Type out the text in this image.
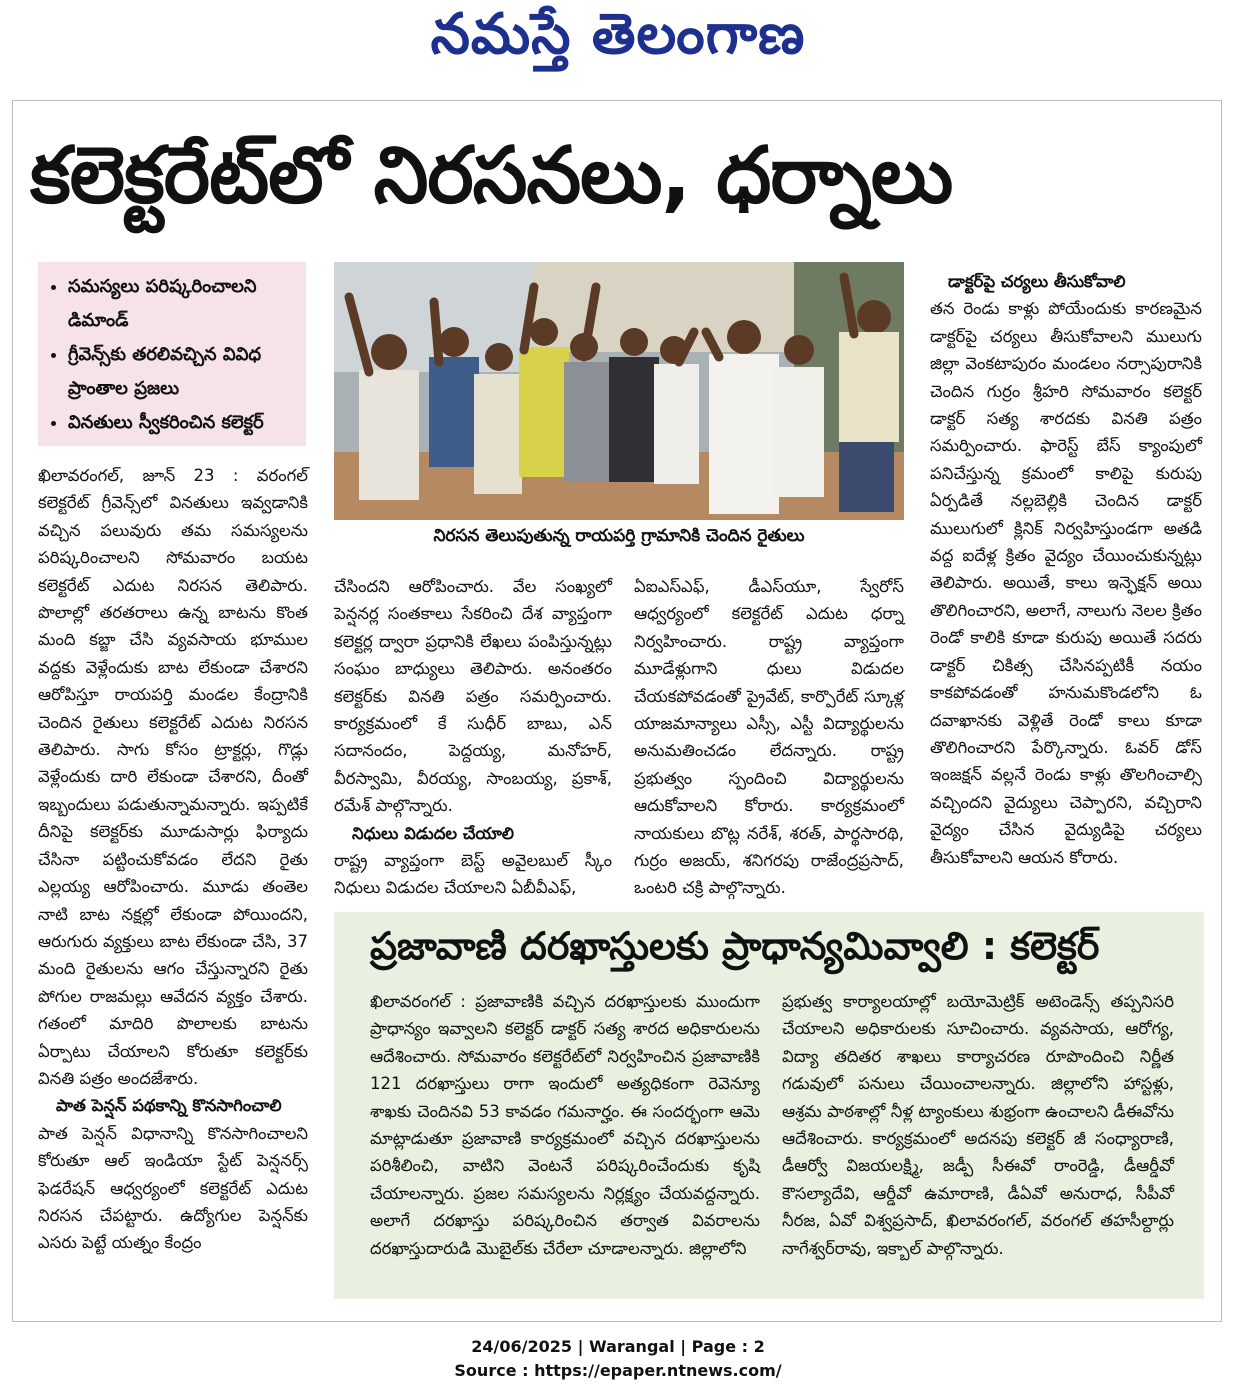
నమస్తే తెలంగాణ
కలెక్టరేట్‌లో నిరసనలు, ధర్నాలు
• సమస్యలు పరిష్కరించాలని డిమాండ్
• గ్రీవెన్స్‌కు తరలివచ్చిన వివిధ ప్రాంతాల ప్రజలు
• వినతులు స్వీకరించిన కలెక్టర్
నిరసన తెలుపుతున్న రాయపర్తి గ్రామానికి చెందిన రైతులు

ఖిలావరంగల్, జూన్ 23 : వరంగల్ కలెక్టరేట్ గ్రీవెన్స్‌లో వినతులు ఇవ్వడానికి వచ్చిన పలువురు తమ సమస్యలను పరిష్కరించాలని సోమవారం బయట కలెక్టరేట్ ఎదుట నిరసన తెలిపారు. పొలాల్లో తరతరాలు ఉన్న బాటను కొంత మంది కబ్జా చేసి వ్యవసాయ భూముల వద్దకు వెళ్లేందుకు బాట లేకుండా చేశారని ఆరోపిస్తూ రాయపర్తి మండల కేంద్రానికి చెందిన రైతులు కలెక్టరేట్ ఎదుట నిరసన తెలిపారు. సాగు కోసం ట్రాక్టర్లు, గొడ్లు వెళ్లేందుకు దారి లేకుండా చేశారని, దీంతో ఇబ్బందులు పడుతున్నామన్నారు. ఇప్పటికే దీనిపై కలెక్టర్‌కు మూడుసార్లు ఫిర్యాదు చేసినా పట్టించుకోవడం లేదని రైతు ఎల్లయ్య ఆరోపించారు. మూడు తంతెల నాటి బాట నక్షల్లో లేకుండా పోయిందని, ఆరుగురు వ్యక్తులు బాట లేకుండా చేసి, 37 మంది రైతులను ఆగం చేస్తున్నారని రైతు పోగుల రాజమల్లు ఆవేదన వ్యక్తం చేశారు. గతంలో మాదిరి పొలాలకు బాటను ఏర్పాటు చేయాలని కోరుతూ కలెక్టర్‌కు వినతి పత్రం అందజేశారు.

పాత పెన్షన్ పథకాన్ని కొనసాగించాలి

పాత పెన్షన్ విధానాన్ని కొనసాగించాలని కోరుతూ ఆల్ ఇండియా స్టేట్ పెన్షనర్స్ ఫెడరేషన్ ఆధ్వర్యంలో కలెక్టరేట్ ఎదుట నిరసన చేపట్టారు. ఉద్యోగుల పెన్షన్‌కు ఎసరు పెట్టే యత్నం కేంద్రం

చేసిందని ఆరోపించారు. వేల సంఖ్యలో పెన్షనర్ల సంతకాలు సేకరించి దేశ వ్యాప్తంగా కలెక్టర్ల ద్వారా ప్రధానికి లేఖలు పంపిస్తున్నట్లు సంఘం బాధ్యులు తెలిపారు. అనంతరం కలెక్టర్‌కు వినతి పత్రం సమర్పించారు. కార్యక్రమంలో కే సుధీర్ బాబు, ఎన్ సదానందం, పెద్దయ్య, మనోహర్, వీరస్వామి, వీరయ్య, సాంబయ్య, ప్రకాశ్, రమేశ్ పాల్గొన్నారు.

నిధులు విడుదల చేయాలి

రాష్ట్ర వ్యాప్తంగా బెస్ట్ అవైలబుల్ స్కీం నిధులు విడుదల చేయాలని ఏబీవీఎఫ్,

ఏఐఎస్ఎఫ్, డీఎస్‌యూ, స్వేరోస్ ఆధ్వర్యంలో కలెక్టరేట్ ఎదుట ధర్నా నిర్వహించారు. రాష్ట్ర వ్యాప్తంగా మూడేళ్లుగాని ధులు విడుదల చేయకపోవడంతో ప్రైవేట్, కార్పొరేట్ స్కూళ్ల యాజమాన్యాలు ఎస్సీ, ఎస్టీ విద్యార్థులను అనుమతించడం లేదన్నారు. రాష్ట్ర ప్రభుత్వం స్పందించి విద్యార్థులను ఆదుకోవాలని కోరారు. కార్యక్రమంలో నాయకులు బొట్ల నరేశ్, శరత్, పార్థసారథి, గుర్రం అజయ్, శనిగరపు రాజేంద్రప్రసాద్, ఒంటరి చక్రి పాల్గొన్నారు.

డాక్టర్‌పై చర్యలు తీసుకోవాలి

తన రెండు కాళ్లు పోయేందుకు కారణమైన డాక్టర్‌పై చర్యలు తీసుకోవాలని ములుగు జిల్లా వెంకటాపురం మండలం నర్సాపురానికి చెందిన గుర్రం శ్రీహరి సోమవారం కలెక్టర్ డాక్టర్ సత్య శారదకు వినతి పత్రం సమర్పించారు. ఫారెస్ట్ బేస్ క్యాంపులో పనిచేస్తున్న క్రమంలో కాలిపై కురుపు ఏర్పడితే నల్లబెల్లికి చెందిన డాక్టర్ ములుగులో క్లినిక్ నిర్వహిస్తుండగా అతడి వద్ద ఐదేళ్ల క్రితం వైద్యం చేయించుకున్నట్లు తెలిపారు. అయితే, కాలు ఇన్ఫెక్షన్ అయి తొలిగించారని, అలాగే, నాలుగు నెలల క్రితం రెండో కాలికి కూడా కురుపు అయితే సదరు డాక్టర్ చికిత్స చేసినప్పటికీ నయం కాకపోవడంతో హనుమకొండలోని ఓ దవాఖానకు వెళ్లితే రెండో కాలు కూడా తొలిగించారని పేర్కొన్నారు. ఓవర్ డోస్ ఇంజక్షన్ వల్లనే రెండు కాళ్లు తొలగించాల్సి వచ్చిందని వైద్యులు చెప్పారని, వచ్చిరాని వైద్యం చేసిన వైద్యుడిపై చర్యలు తీసుకోవాలని ఆయన కోరారు.

ప్రజావాణి దరఖాస్తులకు ప్రాధాన్యమివ్వాలి : కలెక్టర్

ఖిలావరంగల్ : ప్రజావాణికి వచ్చిన దరఖాస్తులకు ముందుగా ప్రాధాన్యం ఇవ్వాలని కలెక్టర్ డాక్టర్ సత్య శారద అధికారులను ఆదేశించారు. సోమవారం కలెక్టరేట్‌లో నిర్వహించిన ప్రజావాణికి 121 దరఖాస్తులు రాగా ఇందులో అత్యధికంగా రెవెన్యూ శాఖకు చెందినవి 53 కావడం గమనార్హం. ఈ సందర్భంగా ఆమె మాట్లాడుతూ ప్రజావాణి కార్యక్రమంలో వచ్చిన దరఖాస్తులను పరిశీలించి, వాటిని వెంటనే పరిష్కరించేందుకు కృషి చేయాలన్నారు. ప్రజల సమస్యలను నిర్లక్ష్యం చేయవద్దన్నారు. అలాగే దరఖాస్తు పరిష్కరించిన తర్వాత వివరాలను దరఖాస్తుదారుడి మొబైల్‌కు చేరేలా చూడాలన్నారు. జిల్లాలోని

ప్రభుత్వ కార్యాలయాల్లో బయోమెట్రిక్ అటెండెన్స్ తప్పనిసరి చేయాలని అధికారులకు సూచించారు. వ్యవసాయ, ఆరోగ్య, విద్యా తదితర శాఖలు కార్యాచరణ రూపొందించి నిర్ణీత గడువులో పనులు చేయించాలన్నారు. జిల్లాలోని హాస్టళ్లు, ఆశ్రమ పాఠశాల్లో నీళ్ల ట్యాంకులు శుభ్రంగా ఉంచాలని డీఈవోను ఆదేశించారు. కార్యక్రమంలో అదనపు కలెక్టర్ జీ సంధ్యారాణి, డీఆర్వో విజయలక్ష్మి, జడ్పీ సీఈవో రాంరెడ్డి, డీఆర్డీవో కౌసల్యాదేవి, ఆర్డీవో ఉమారాణి, డీఏవో అనురాధ, సీపీవో నీరజ, ఏవో విశ్వప్రసాద్, ఖిలావరంగల్, వరంగల్ తహసీల్దార్లు నాగేశ్వర్‌రావు, ఇక్బాల్ పాల్గొన్నారు.

24/06/2025 | Warangal | Page : 2
Source : https://epaper.ntnews.com/
